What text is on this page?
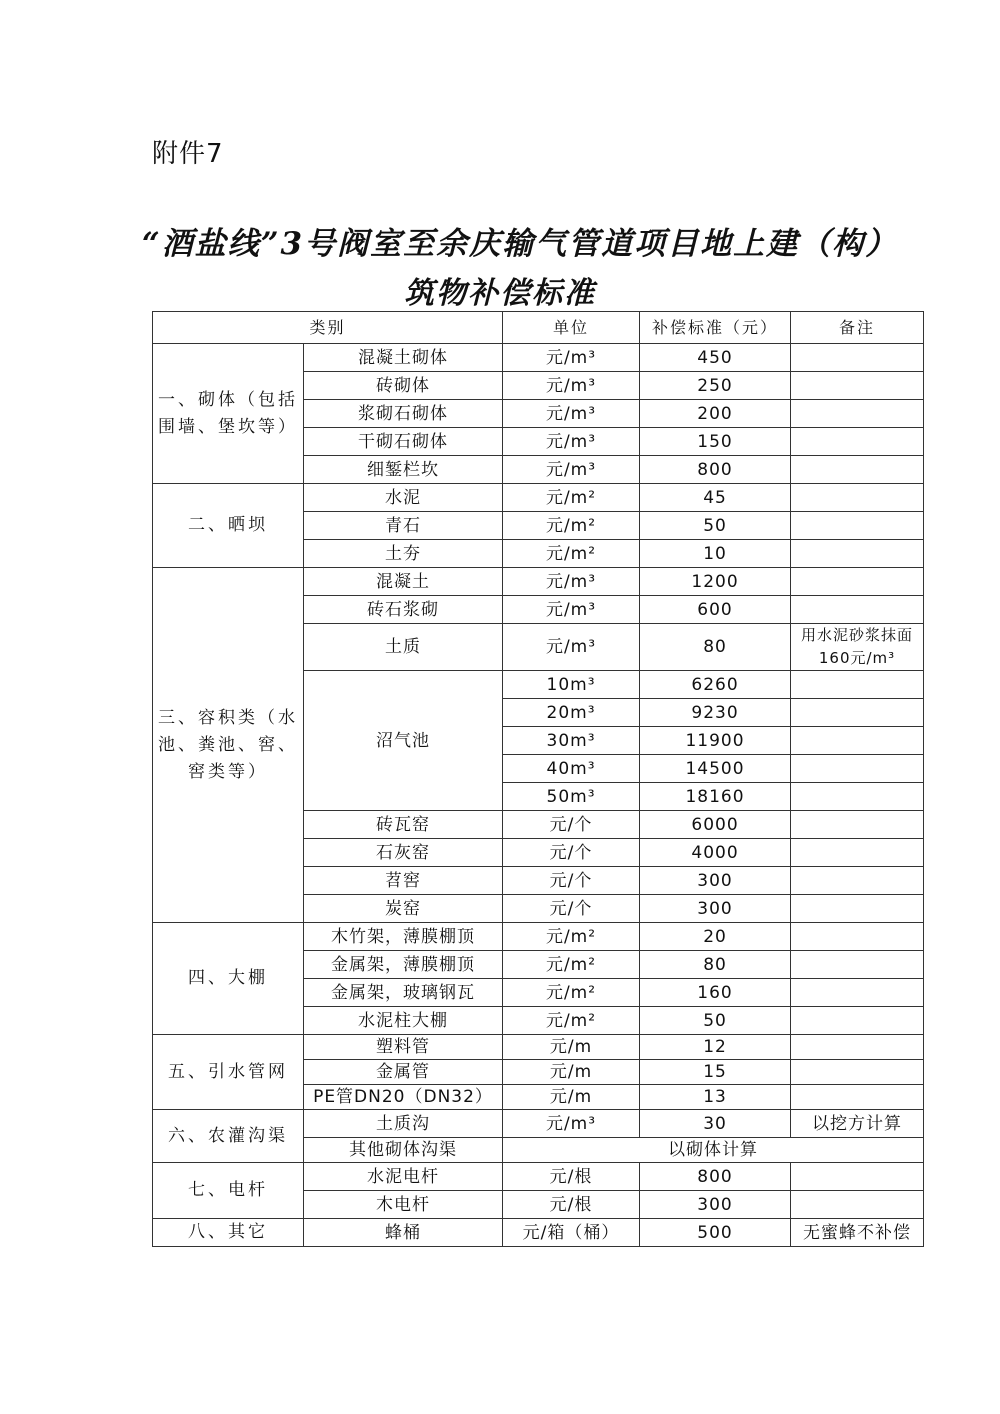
附件7
“酒盐线”3号阀室至余庆输气管道项目地上建（构）
筑物补偿标准
类别		单位	补偿标准（元）	备注
一、砌体（包括围墙、堡坎等）	混凝土砌体	元/m³	450	
	砖砌体	元/m³	250	
	浆砌石砌体	元/m³	200	
	干砌石砌体	元/m³	150	
	细錾栏坎	元/m³	800	
二、晒坝	水泥	元/m²	45	
	青石	元/m²	50	
	土夯	元/m²	10	
三、容积类（水池、粪池、窖、窖类等）	混凝土	元/m³	1200	
	砖石浆砌	元/m³	600	
	土质	元/m³	80	用水泥砂浆抹面160元/m³
	沼气池	10m³	6260	
		20m³	9230	
		30m³	11900	
		40m³	14500	
		50m³	18160	
	砖瓦窑	元/个	6000	
	石灰窑	元/个	4000	
	苕窖	元/个	300	
	炭窑	元/个	300	
四、大棚	木竹架，薄膜棚顶	元/m²	20	
	金属架，薄膜棚顶	元/m²	80	
	金属架，玻璃钢瓦	元/m²	160	
	水泥柱大棚	元/m²	50	
五、引水管网	塑料管	元/m	12	
	金属管	元/m	15	
	PE管DN20（DN32）	元/m	13	
六、农灌沟渠	土质沟	元/m³	30	以挖方计算
	其他砌体沟渠	以砌体计算		
七、电杆	水泥电杆	元/根	800	
	木电杆	元/根	300	
八、其它	蜂桶	元/箱（桶）	500	无蜜蜂不补偿
